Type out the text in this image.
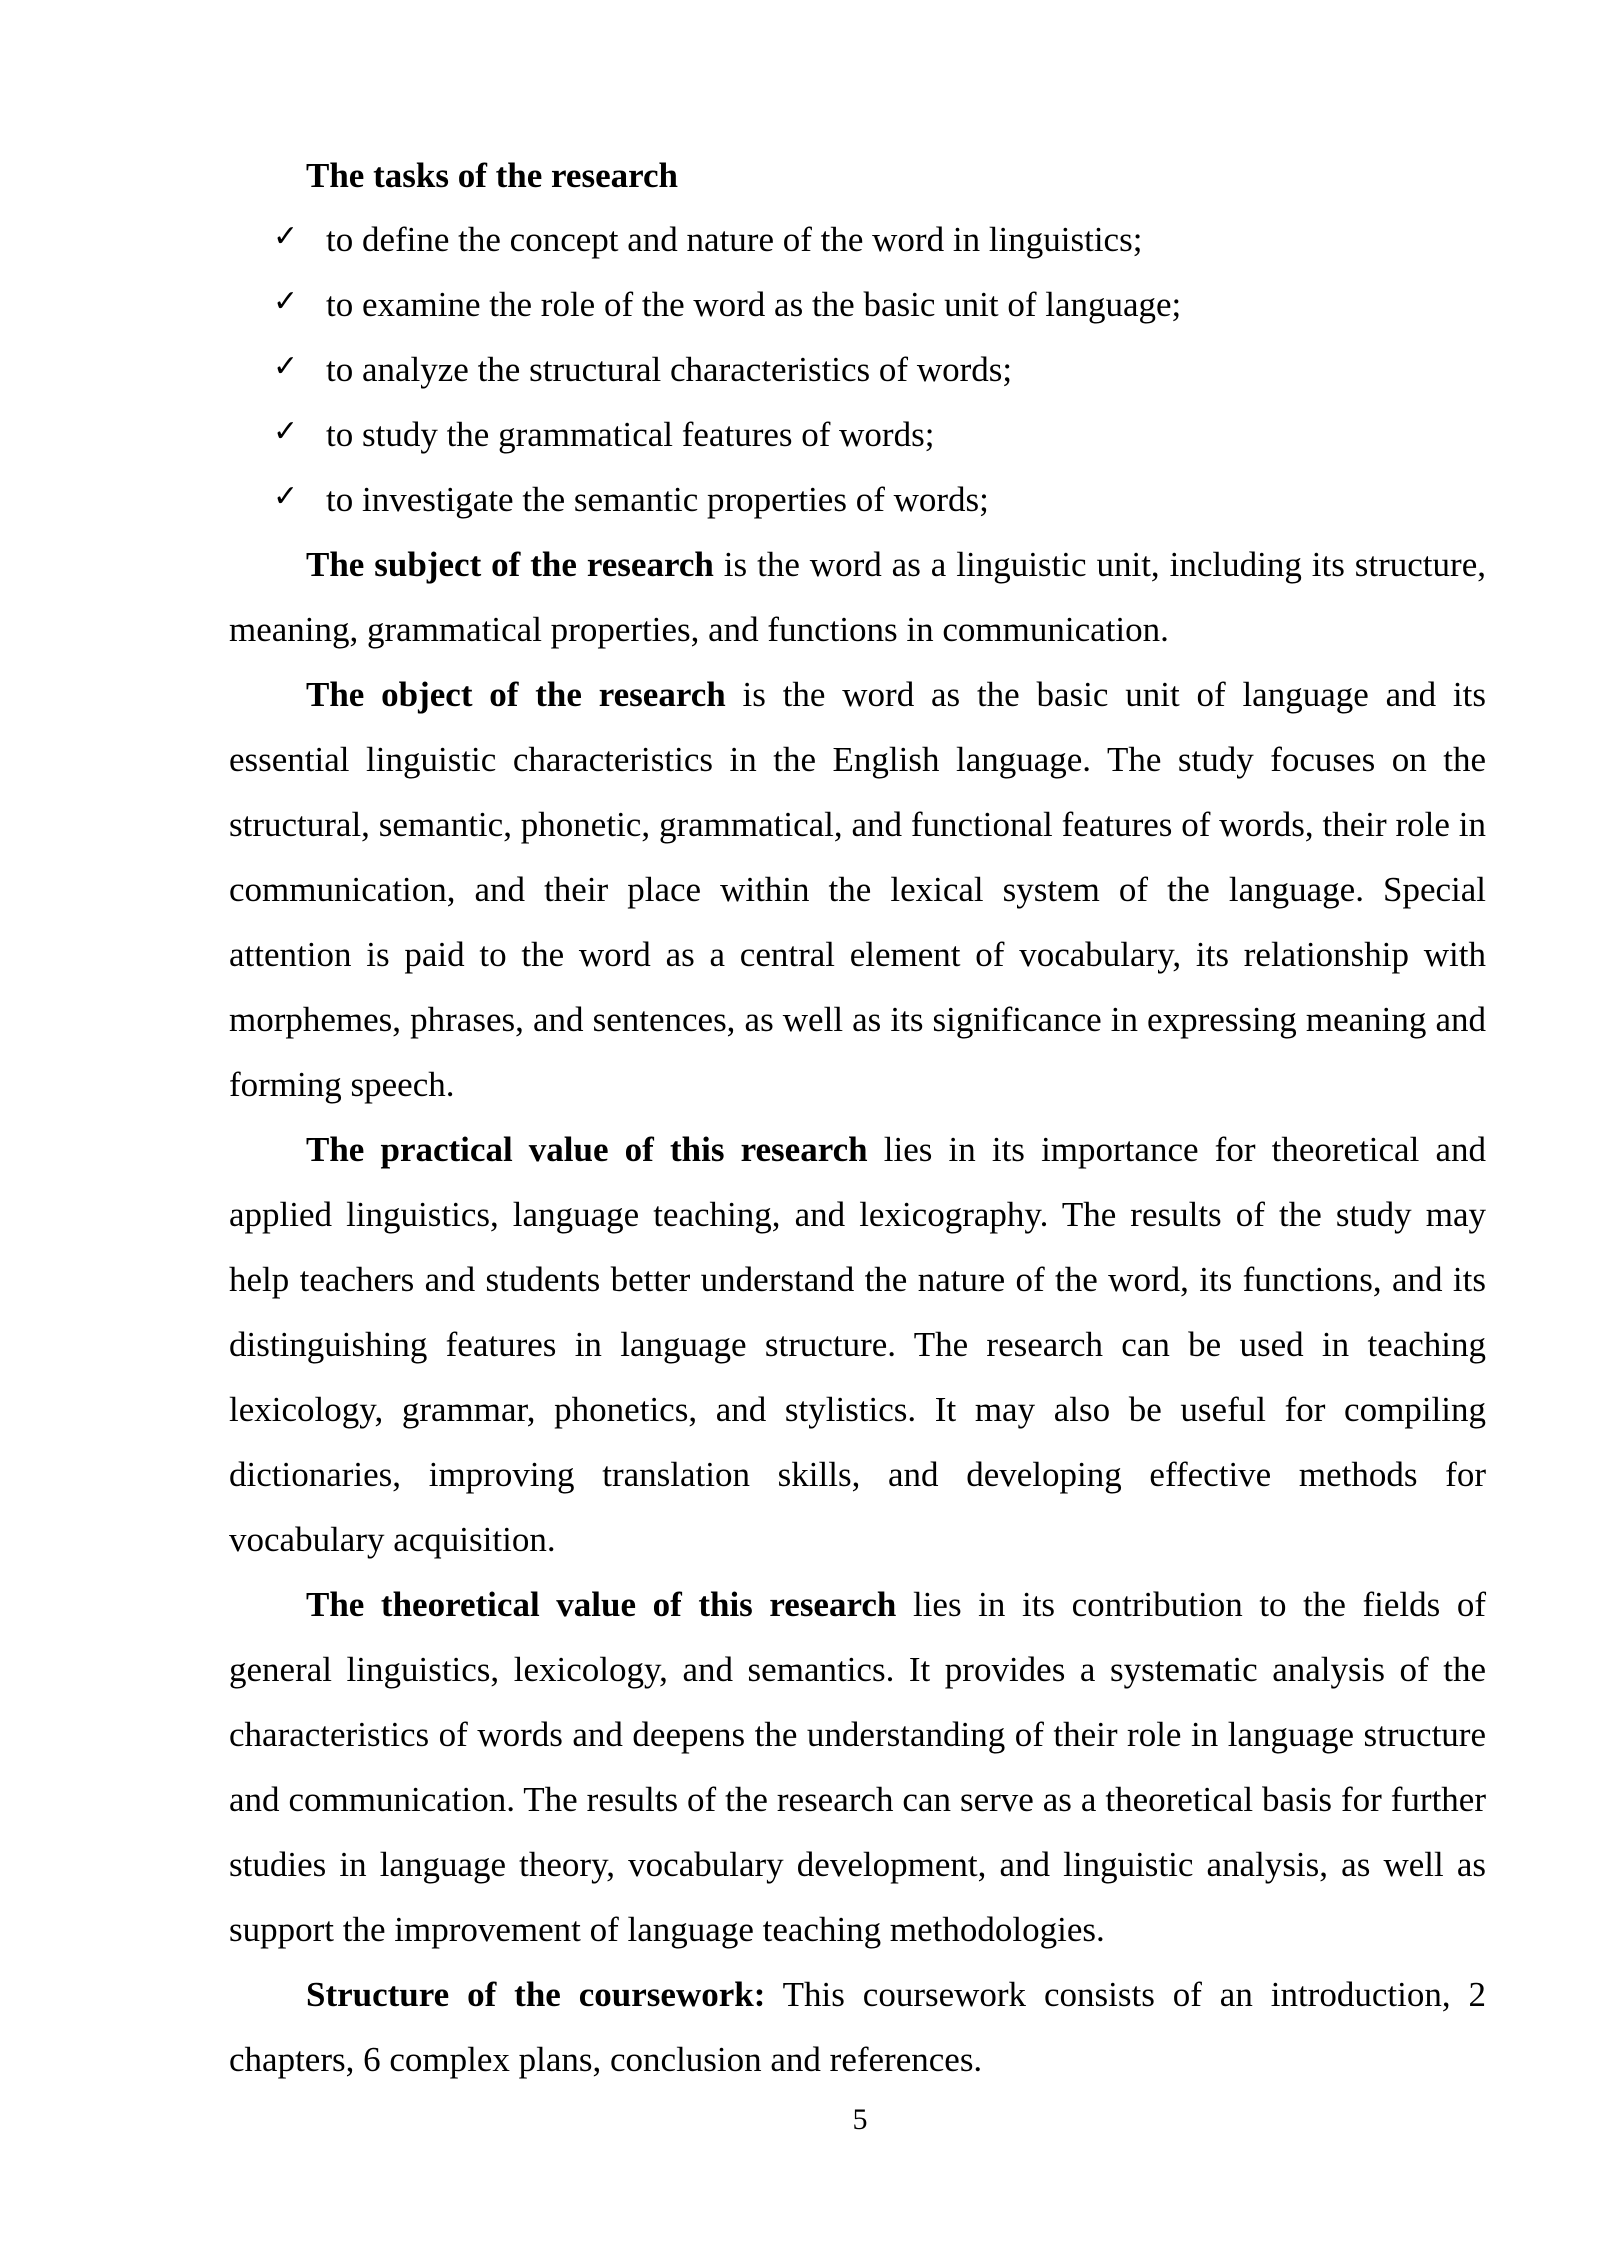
The tasks of the research
✓ to define the concept and nature of the word in linguistics;
✓ to examine the role of the word as the basic unit of language;
✓ to analyze the structural characteristics of words;
✓ to study the grammatical features of words;
✓ to investigate the semantic properties of words;

The subject of the research is the word as a linguistic unit, including its structure, meaning, grammatical properties, and functions in communication.

The object of the research is the word as the basic unit of language and its essential linguistic characteristics in the English language. The study focuses on the structural, semantic, phonetic, grammatical, and functional features of words, their role in communication, and their place within the lexical system of the language. Special attention is paid to the word as a central element of vocabulary, its relationship with morphemes, phrases, and sentences, as well as its significance in expressing meaning and forming speech.

The practical value of this research lies in its importance for theoretical and applied linguistics, language teaching, and lexicography. The results of the study may help teachers and students better understand the nature of the word, its functions, and its distinguishing features in language structure. The research can be used in teaching lexicology, grammar, phonetics, and stylistics. It may also be useful for compiling dictionaries, improving translation skills, and developing effective methods for vocabulary acquisition.

The theoretical value of this research lies in its contribution to the fields of general linguistics, lexicology, and semantics. It provides a systematic analysis of the characteristics of words and deepens the understanding of their role in language structure and communication. The results of the research can serve as a theoretical basis for further studies in language theory, vocabulary development, and linguistic analysis, as well as support the improvement of language teaching methodologies.

Structure of the coursework: This coursework consists of an introduction, 2 chapters, 6 complex plans, conclusion and references.

5
